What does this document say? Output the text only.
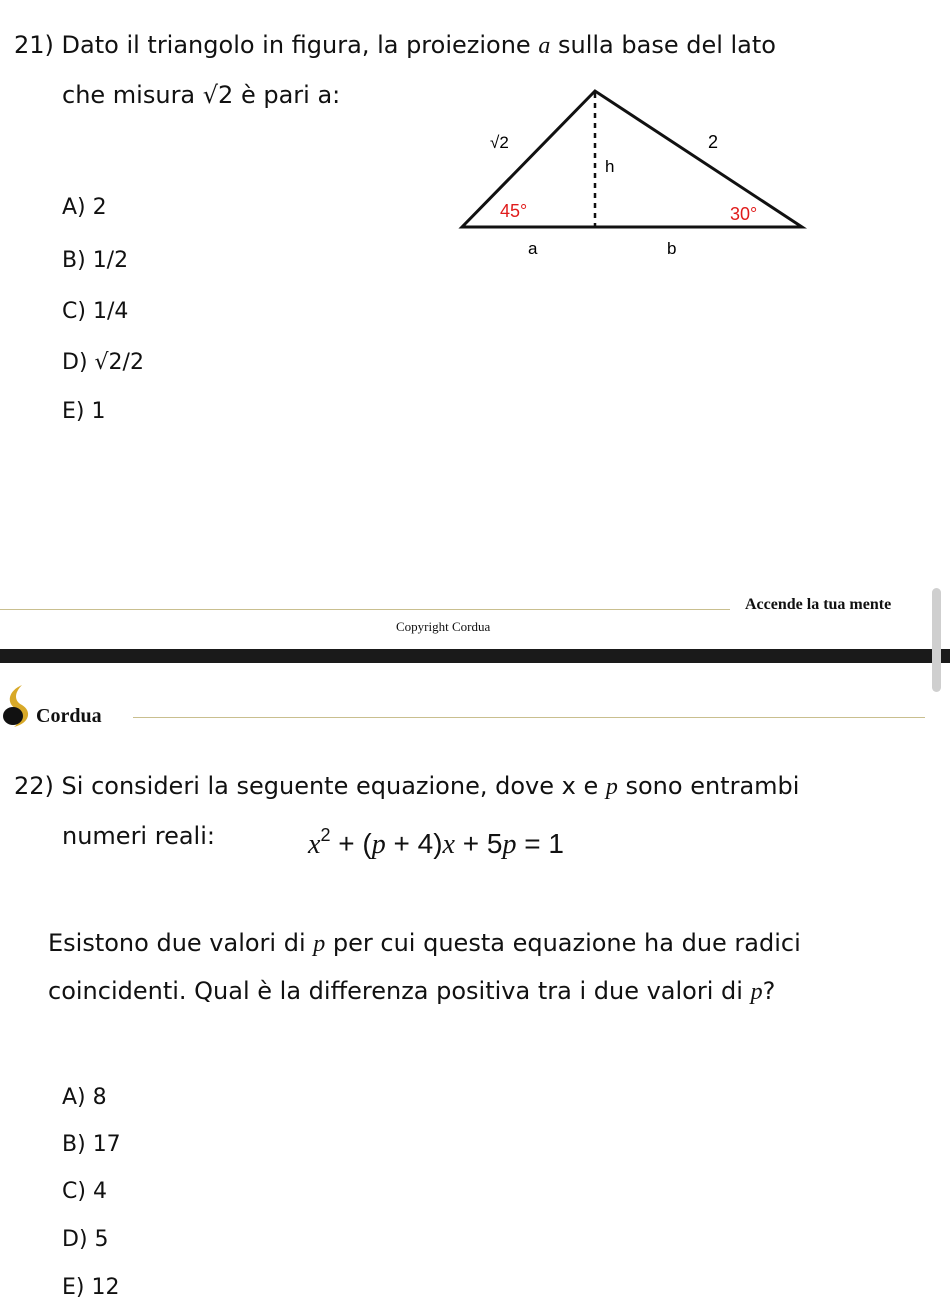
21) Dato il triangolo in figura, la proiezione a sulla base del lato
che misura √2 è pari a:
A) 2
B) 1/2
C) 1/4
D) √2/2
E) 1
√2	2
h
45°	30°
a	b
Accende la tua mente
Copyright Cordua
Cordua
22) Si consideri la seguente equazione, dove x e p sono entrambi
numeri reali:	$x^2 + (p + 4)x + 5p = 1$
Esistono due valori di p per cui questa equazione ha due radici
coincidenti. Qual è la differenza positiva tra i due valori di p?
A) 8
B) 17
C) 4
D) 5
E) 12
